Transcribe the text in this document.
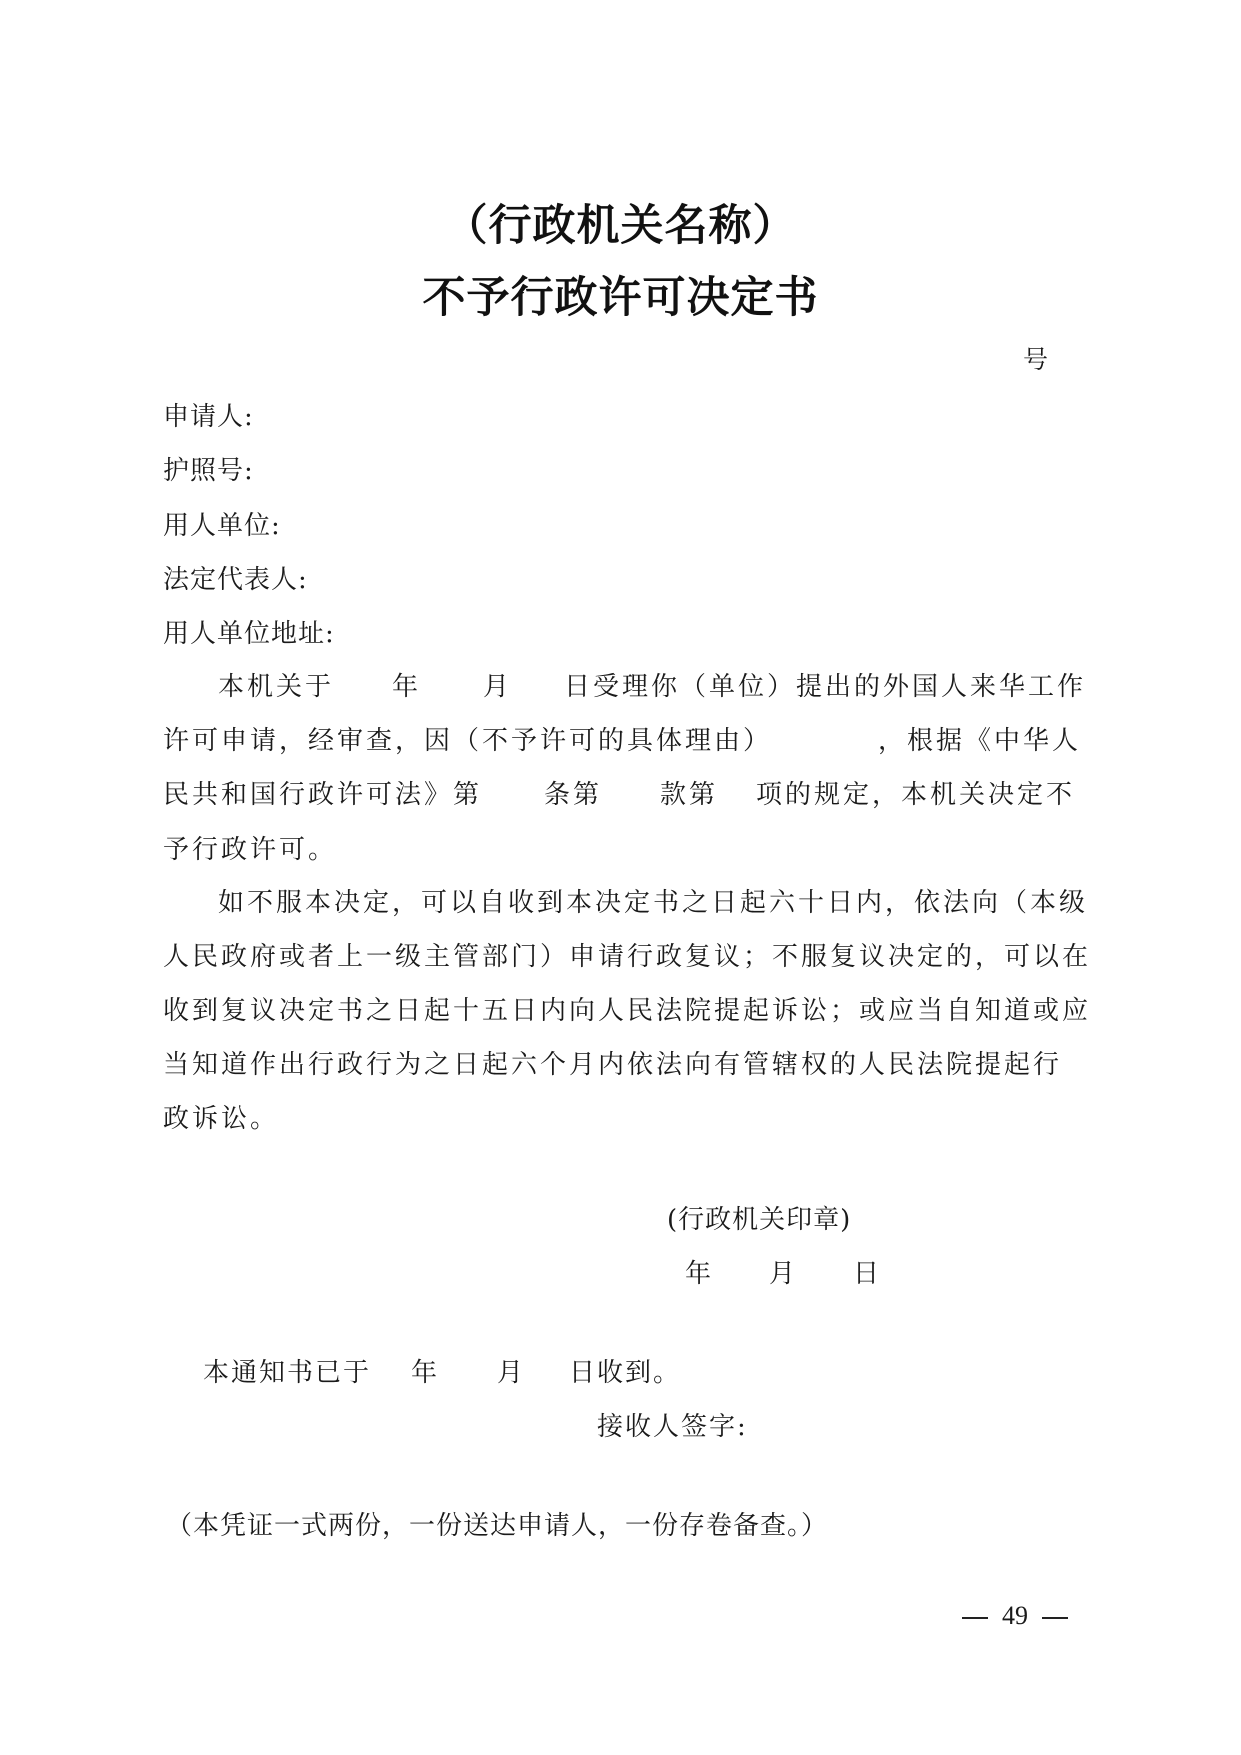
（行政机关名称）
不予行政许可决定书
号
申请人:
护照号:
用人单位:
法定代表人:
用人单位地址:
本机关于 年 月 日受理你（单位）提出的外国人来华工作
许可申请，经审查，因（不予许可的具体理由）	，根据《中华人
民共和国行政许可法》第 条第 款第 项的规定，本机关决定不
予行政许可。
如不服本决定，可以自收到本决定书之日起六十日内，依法向（本级
人民政府或者上一级主管部门）申请行政复议；不服复议决定的，可以在
收到复议决定书之日起十五日内向人民法院提起诉讼；或应当自知道或应
当知道作出行政行为之日起六个月内依法向有管辖权的人民法院提起行
政诉讼。
(行政机关印章)
年 月 日
本通知书已于 年 月 日收到。
接收人签字:
（本凭证一式两份，一份送达申请人，一份存卷备查。）
49
